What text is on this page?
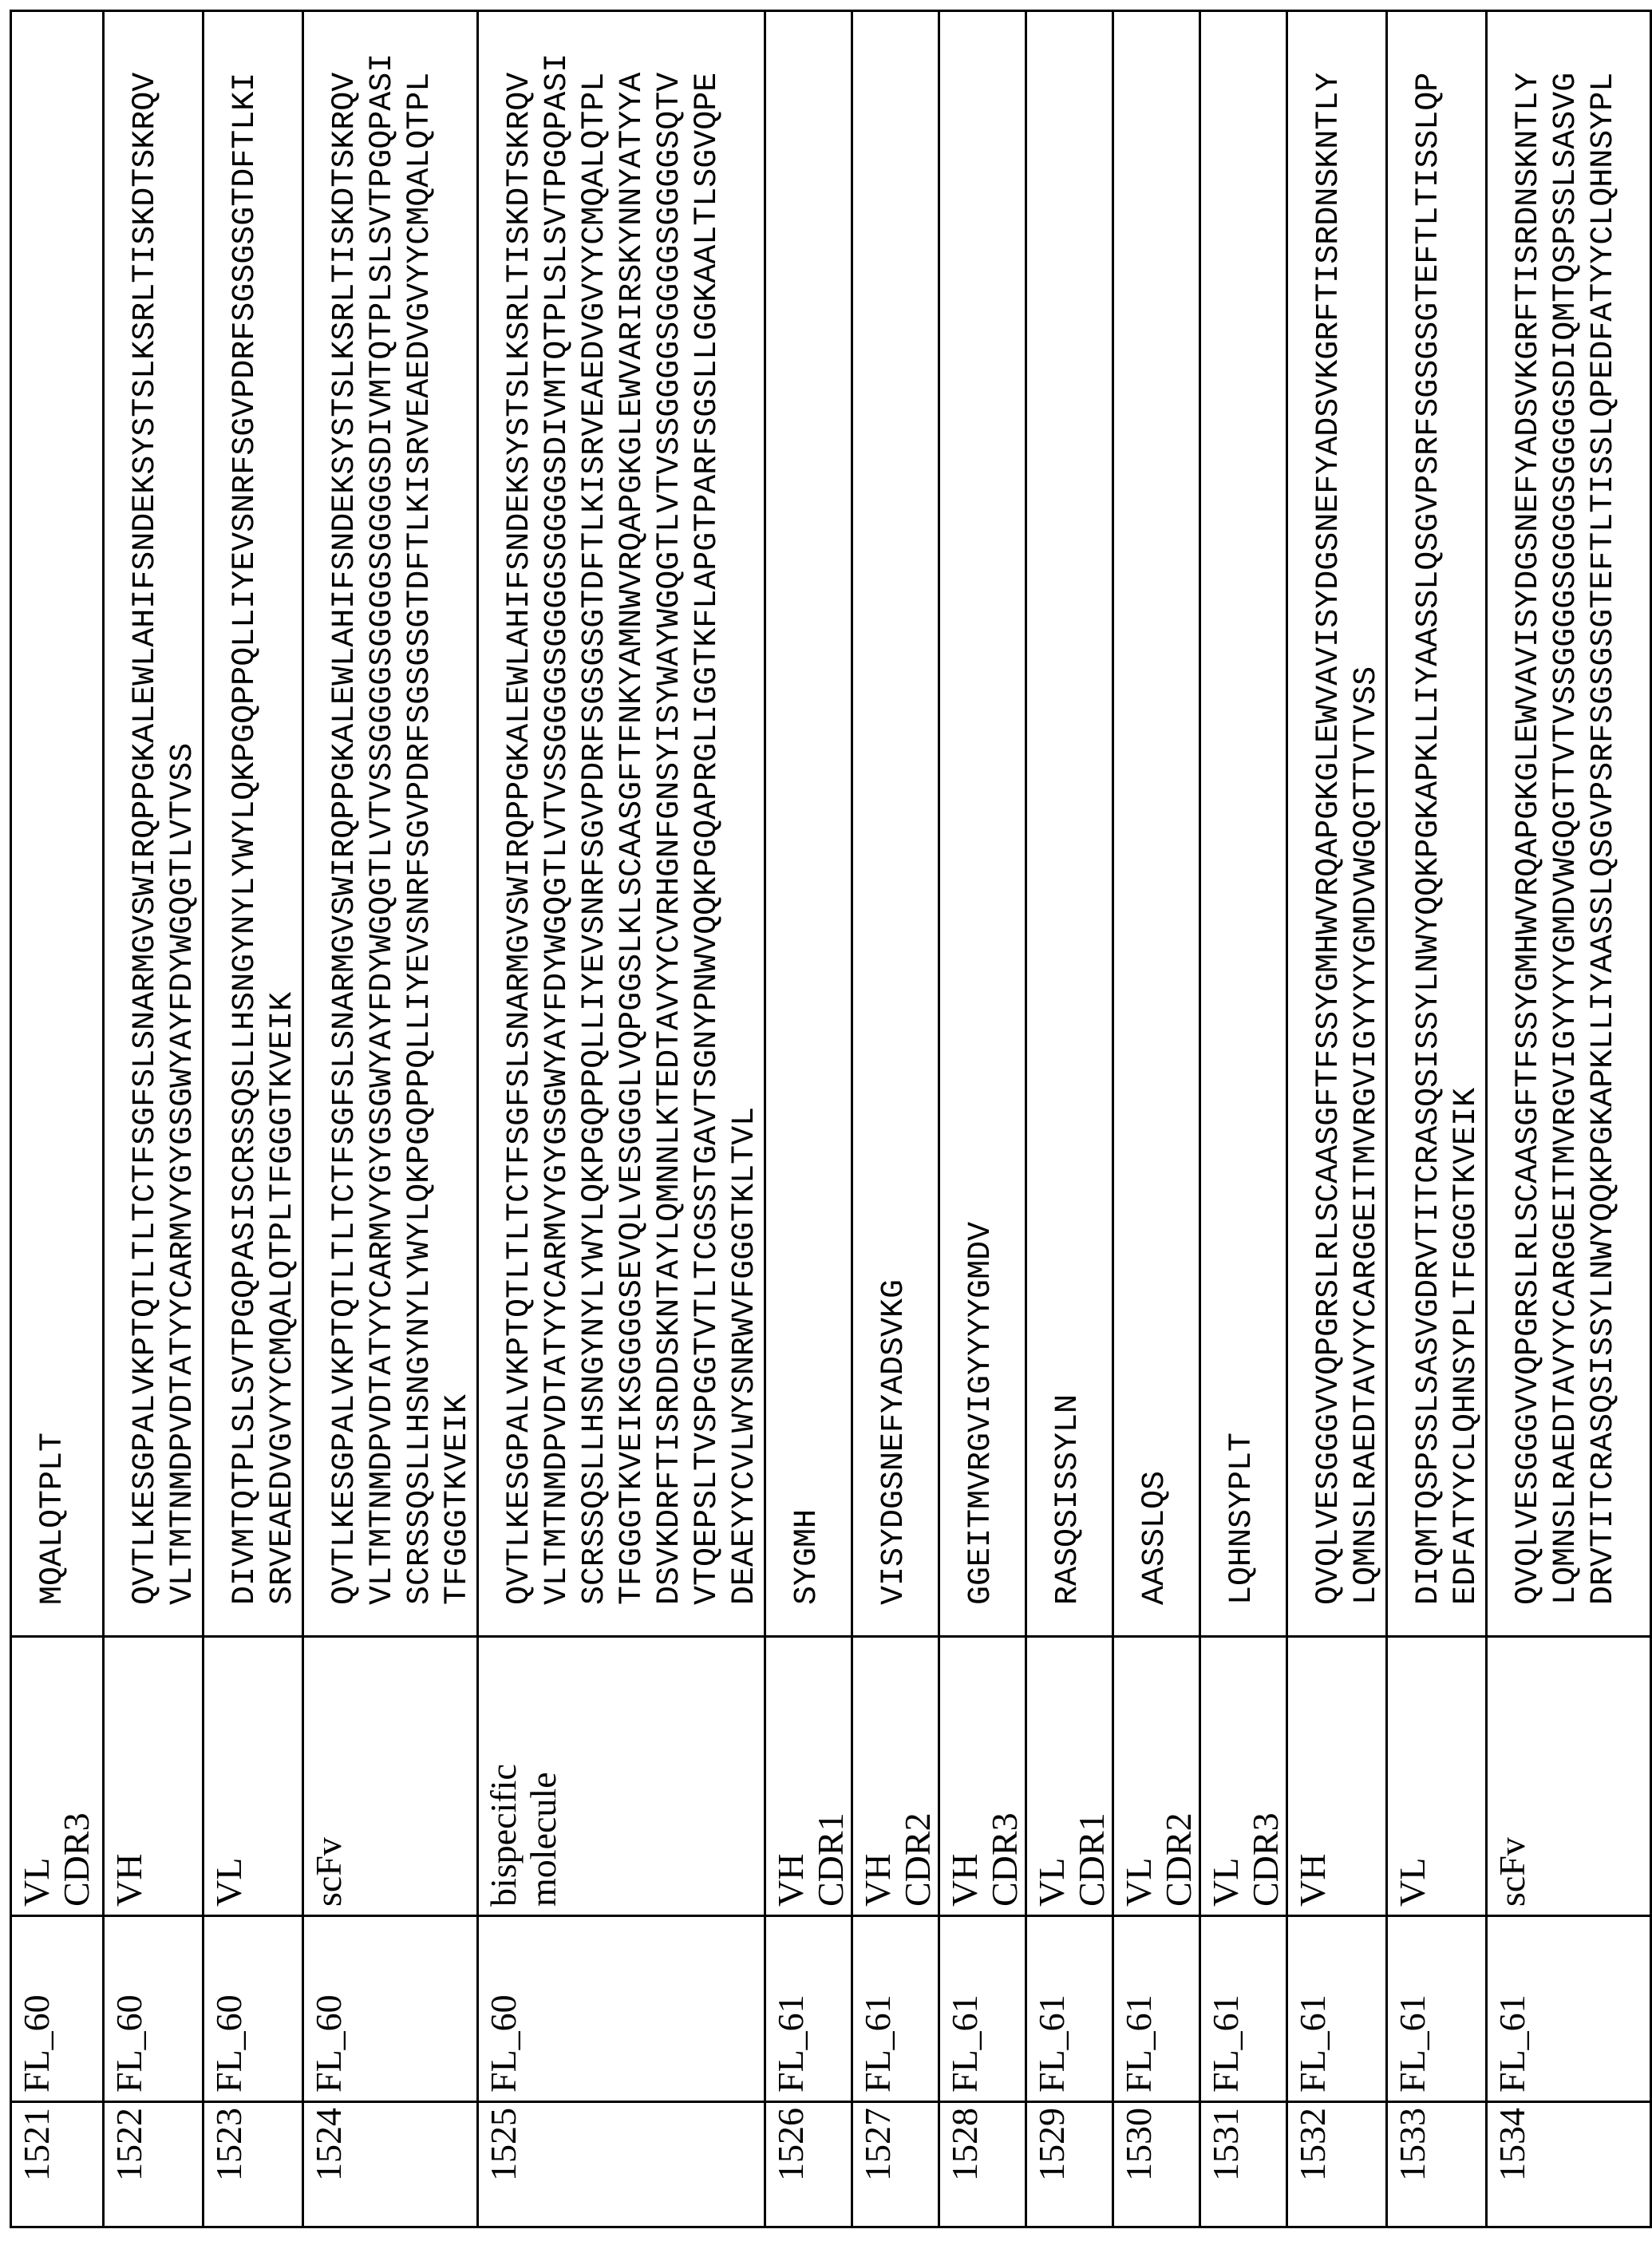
1521

FL_60

VL
CDR3

MQALQTPLT

1522

FL_60

VH

QVTLKESGPALVKPTQTLTLTCTFSGFSLSNARMGVSWIRQPPGKALEWLAHIFSNDEKSYSTSLKSRLTISKDTSKRQV
VLTMTNMDPVDTATYYCARMVYGYGSGWYAYFDYWGQGTLVTVSS

1523

FL_60

VL

DIVMTQTPLSLSVTPGQPASISCRSSQSLLHSNGYNYLYWYLQKPGQPPQLLIYEVSNRFSGVPDRFSGSGSGTDFTLKI
SRVEAEDVGVYYCMQALQTPLTFGGGTKVEIK

1524

FL_60

scFv

QVTLKESGPALVKPTQTLTLTCTFSGFSLSNARMGVSWIRQPPGKALEWLAHIFSNDEKSYSTSLKSRLTISKDTSKRQV
VLTMTNMDPVDTATYYCARMVYGYGSGWYAYFDYWGQGTLVTVSSGGGGSGGGGSGGGGSDIVMTQTPLSLSVTPGQPASI
SCRSSQSLLHSNGYNYLYWYLQKPGQPPQLLIYEVSNRFSGVPDRFSGSGSGTDFTLKISRVEAEDVGVYYCMQALQTPL
TFGGGTKVEIK

1525

FL_60

bispecific molecule

QVTLKESGPALVKPTQTLTLTCTFSGFSLSNARMGVSWIRQPPGKALEWLAHIFSNDEKSYSTSLKSRLTISKDTSKRQV
VLTMTNMDPVDTATYYCARMVYGYGSGWYAYFDYWGQGTLVTVSSGGGGSGGGGSGGGGSDIVMTQTPLSLSVTPGQPASI
SCRSSQSLLHSNGYNYLYWYLQKPGQPPQLLIYEVSNRFSGVPDRFSGSGSGTDFTLKISRVEAEDVGVYYCMQALQTPL
TFGGGTKVEIKSGGGGSEVQLVESGGGLVQPGGSLKLSCAASGFTFNKYAMNWVRQAPGKGLEWVARIRSKYNNYATYYA
DSVKDRFTISRDDSKNTAYLQMNNLKTEDTAVYYCVRHGNFGNSYISYWAYWGQGTLVTVSSGGGGSGGGGSGGGGSQTV
VTQEPSLTVSPGGTVTLTCGSSTGAVTSGNYPNWVQQKPGQAPRGLIGGTKFLAPGTPARFSGSLLGGKAALTLSGVQPE
DEAEYYCVLWYSNRWVFGGGTKLTVL

1526

FL_61

VH
CDR1

SYGMH

1527

FL_61

VH
CDR2

VISYDGSNEFYADSVKG

1528

FL_61

VH
CDR3

GGEITMVRGVIGYYYYGMDV

1529

FL_61

VL
CDR1

RASQSISSYLN

1530

FL_61

VL
CDR2

AASSLQS

1531

FL_61

VL
CDR3

LQHNSYPLT

1532

FL_61

VH

QVQLVESGGGVVQPGRSLRLSCAASGFTFSSYGMHWVRQAPGKGLEWVAVISYDGSNEFYADSVKGRFTISRDNSKNTLY
LQMNSLRAEDTAVYYCARGGEITMVRGVIGYYYYGMDVWGQGTTVTVSS

1533

FL_61

VL

DIQMTQSPSSLSASVGDRVTITCRASQSISSYLNWYQQKPGKAPKLLIYAASSLQSGVPSRFSGSGSGTEFTLTISSLQP
EDFATYYCLQHNSYPLTFGGGTKVEIK

1534

FL_61

scFv

QVQLVESGGGVVQPGRSLRLSCAASGFTFSSYGMHWVRQAPGKGLEWVAVISYDGSNEFYADSVKGRFTISRDNSKNTLY
LQMNSLRAEDTAVYYCARGGEITMVRGVIGYYYYGMDVWGQGTTVTVSSGGGGSGGGGSGGGGSDIQMTQSPSSLSASVG
DRVTITCRASQSISSYLNWYQQKPGKAPKLLIYAASSLQSGVPSRFSGSGSGTEFTLTISSLQPEDFATYYCLQHNSYPL
